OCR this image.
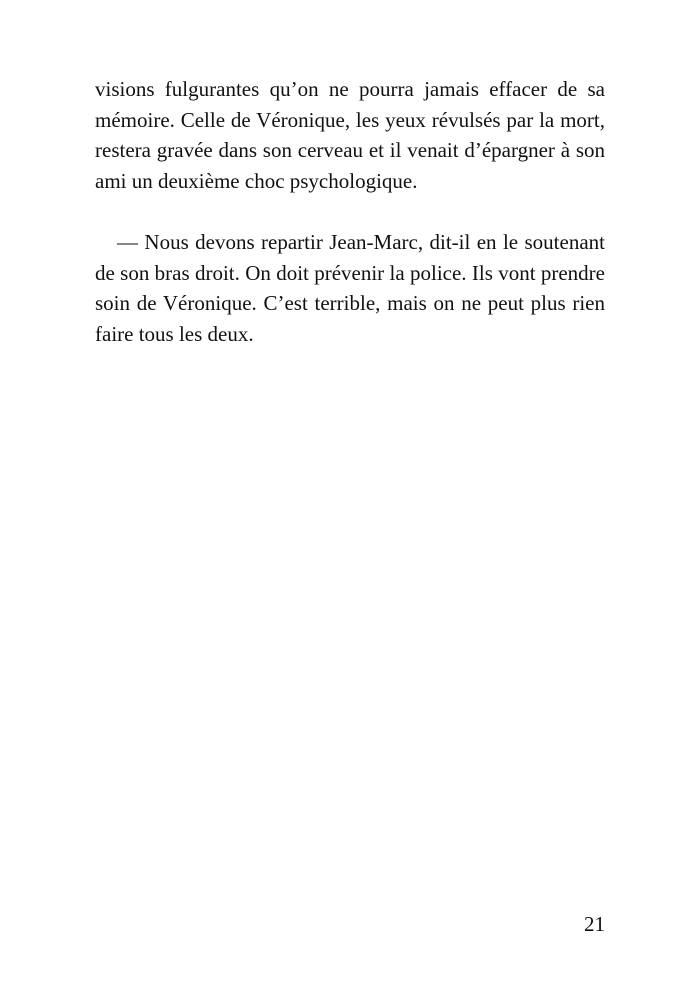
visions fulgurantes qu’on ne pourra jamais effacer de sa mémoire. Celle de Véronique, les yeux révulsés par la mort, restera gravée dans son cerveau et il venait d’épargner à son ami un deuxième choc psychologique.

— Nous devons repartir Jean-Marc, dit-il en le soutenant de son bras droit. On doit prévenir la police. Ils vont prendre soin de Véronique. C’est terrible, mais on ne peut plus rien faire tous les deux.

21
